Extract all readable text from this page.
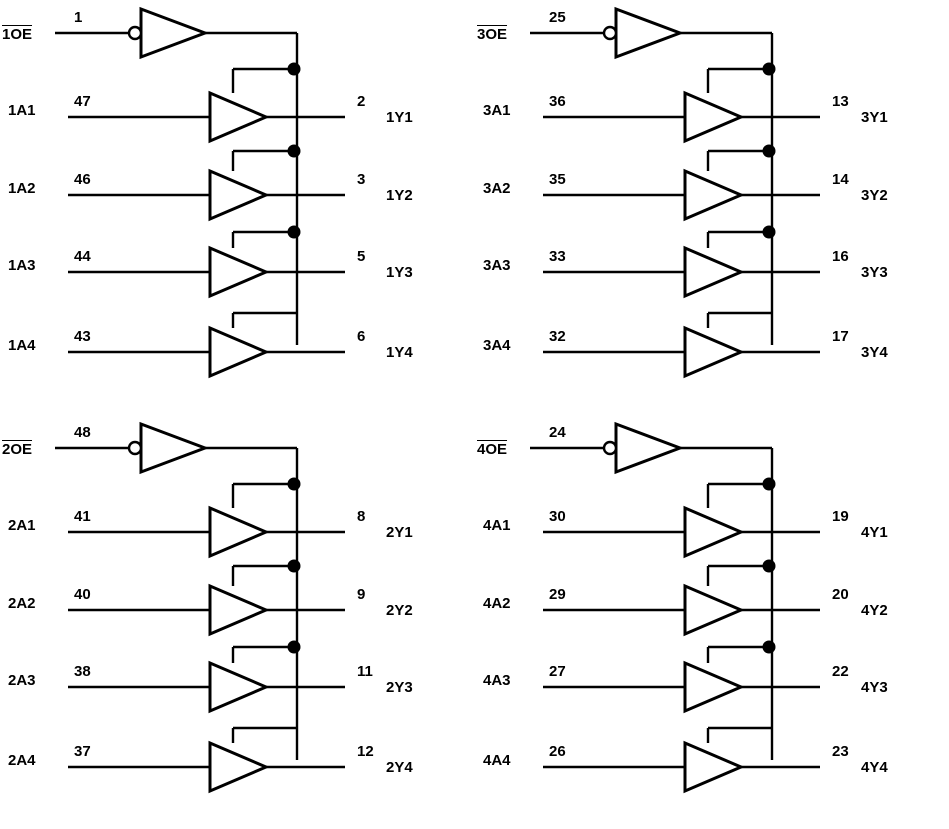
1OE
1
1A1
47	2
1Y1
1A2
46	3
1Y2
1A3
44	5
1Y3
1A4
43	6
1Y4
3OE
25
3A1
36	13
3Y1
3A2
35	14
3Y2
3A3
33	16
3Y3
3A4
32	17
3Y4
2OE
48
2A1
41	8
2Y1
2A2
40	9
2Y2
2A3
38	11
2Y3
2A4
37	12
2Y4
4OE
24
4A1
30	19
4Y1
4A2
29	20
4Y2
4A3
27	22
4Y3
4A4
26	23
4Y4
